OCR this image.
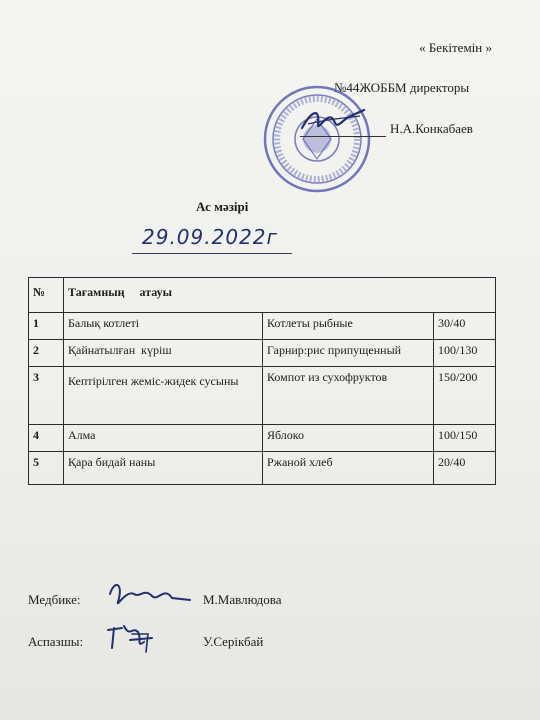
« Бекітемін »
№44ЖОББМ директоры
Н.А.Конкабаев
Ас мәзірі
29.09.2022г
№	Тағамның     атауы		
1	Балық котлеті	Котлеты рыбные	30/40
2	Қайнатылған  күріш	Гарнир:рис припущенный	100/130
3	Кептірілген жеміс-жидек сусыны	Компот из сухофруктов	150/200
4	Алма	Яблоко	100/150
5	Қара бидай наны	Ржаной хлеб	20/40
Медбике:	М.Мавлюдова
Аспазшы:	У.Серікбай
